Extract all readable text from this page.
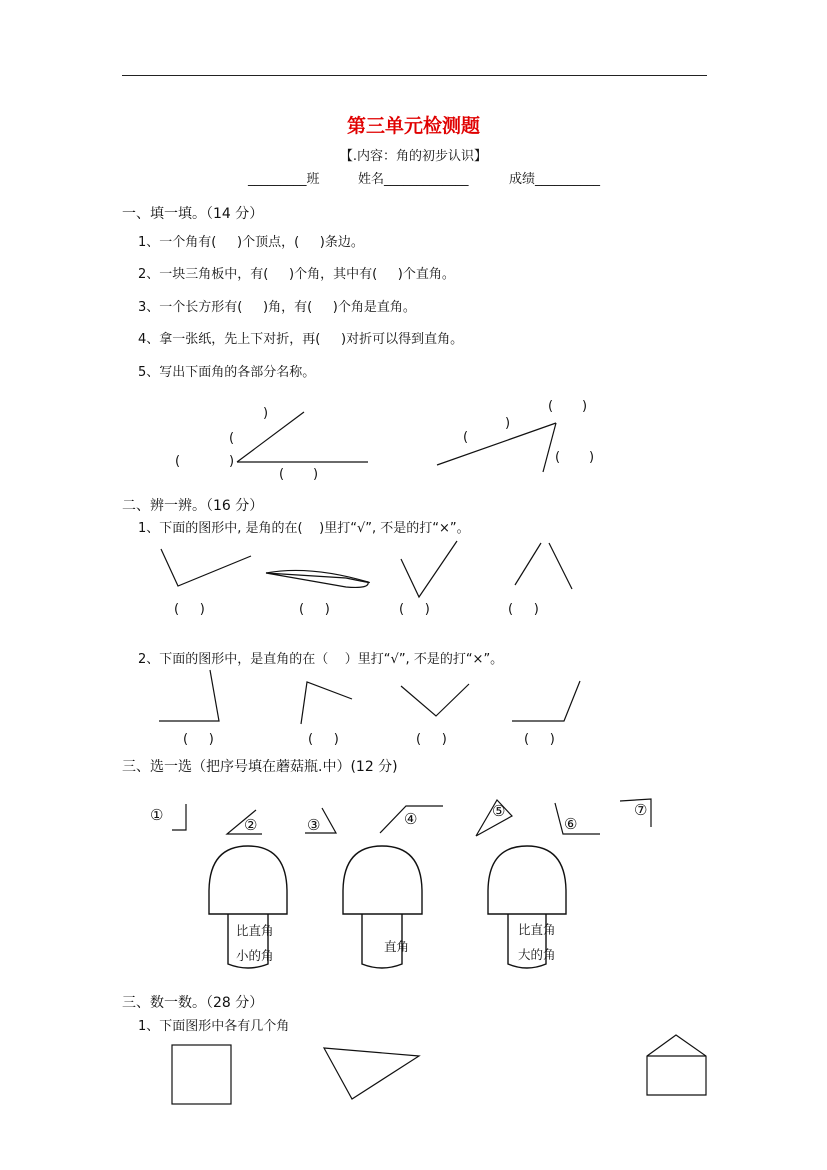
第三单元检测题
【.内容：角的初步认识】
_________班	姓名_____________	成绩__________
一、填一填。（14 分）
1、一个角有(     )个顶点，(     )条边。
2、一块三角板中，有(     )个角，其中有(     )个直角。
3、一个长方形有(     )角，有(     )个角是直角。
4、拿一张纸，先上下对折，再(     )对折可以得到直角。
5、写出下面角的各部分名称。
)
(
(	)
(       )
(       )
(
)
(       )
二、辨一辨。（16 分）
1、下面的图形中, 是角的在(    )里打“√”, 不是的打“×”。
(     )	(     )	(     )	(     )
2、下面的图形中，是直角的在（    ）里打“√”, 不是的打“×”。
(     )	(     )	(     )	(     )
三、选一选（把序号填在蘑菇瓶.中）(12 分)
①
②	③	④	⑤
⑥
⑦
比直角
小的角
直角
比直角
大的角
三、数一数。（28 分）
1、下面图形中各有几个角
